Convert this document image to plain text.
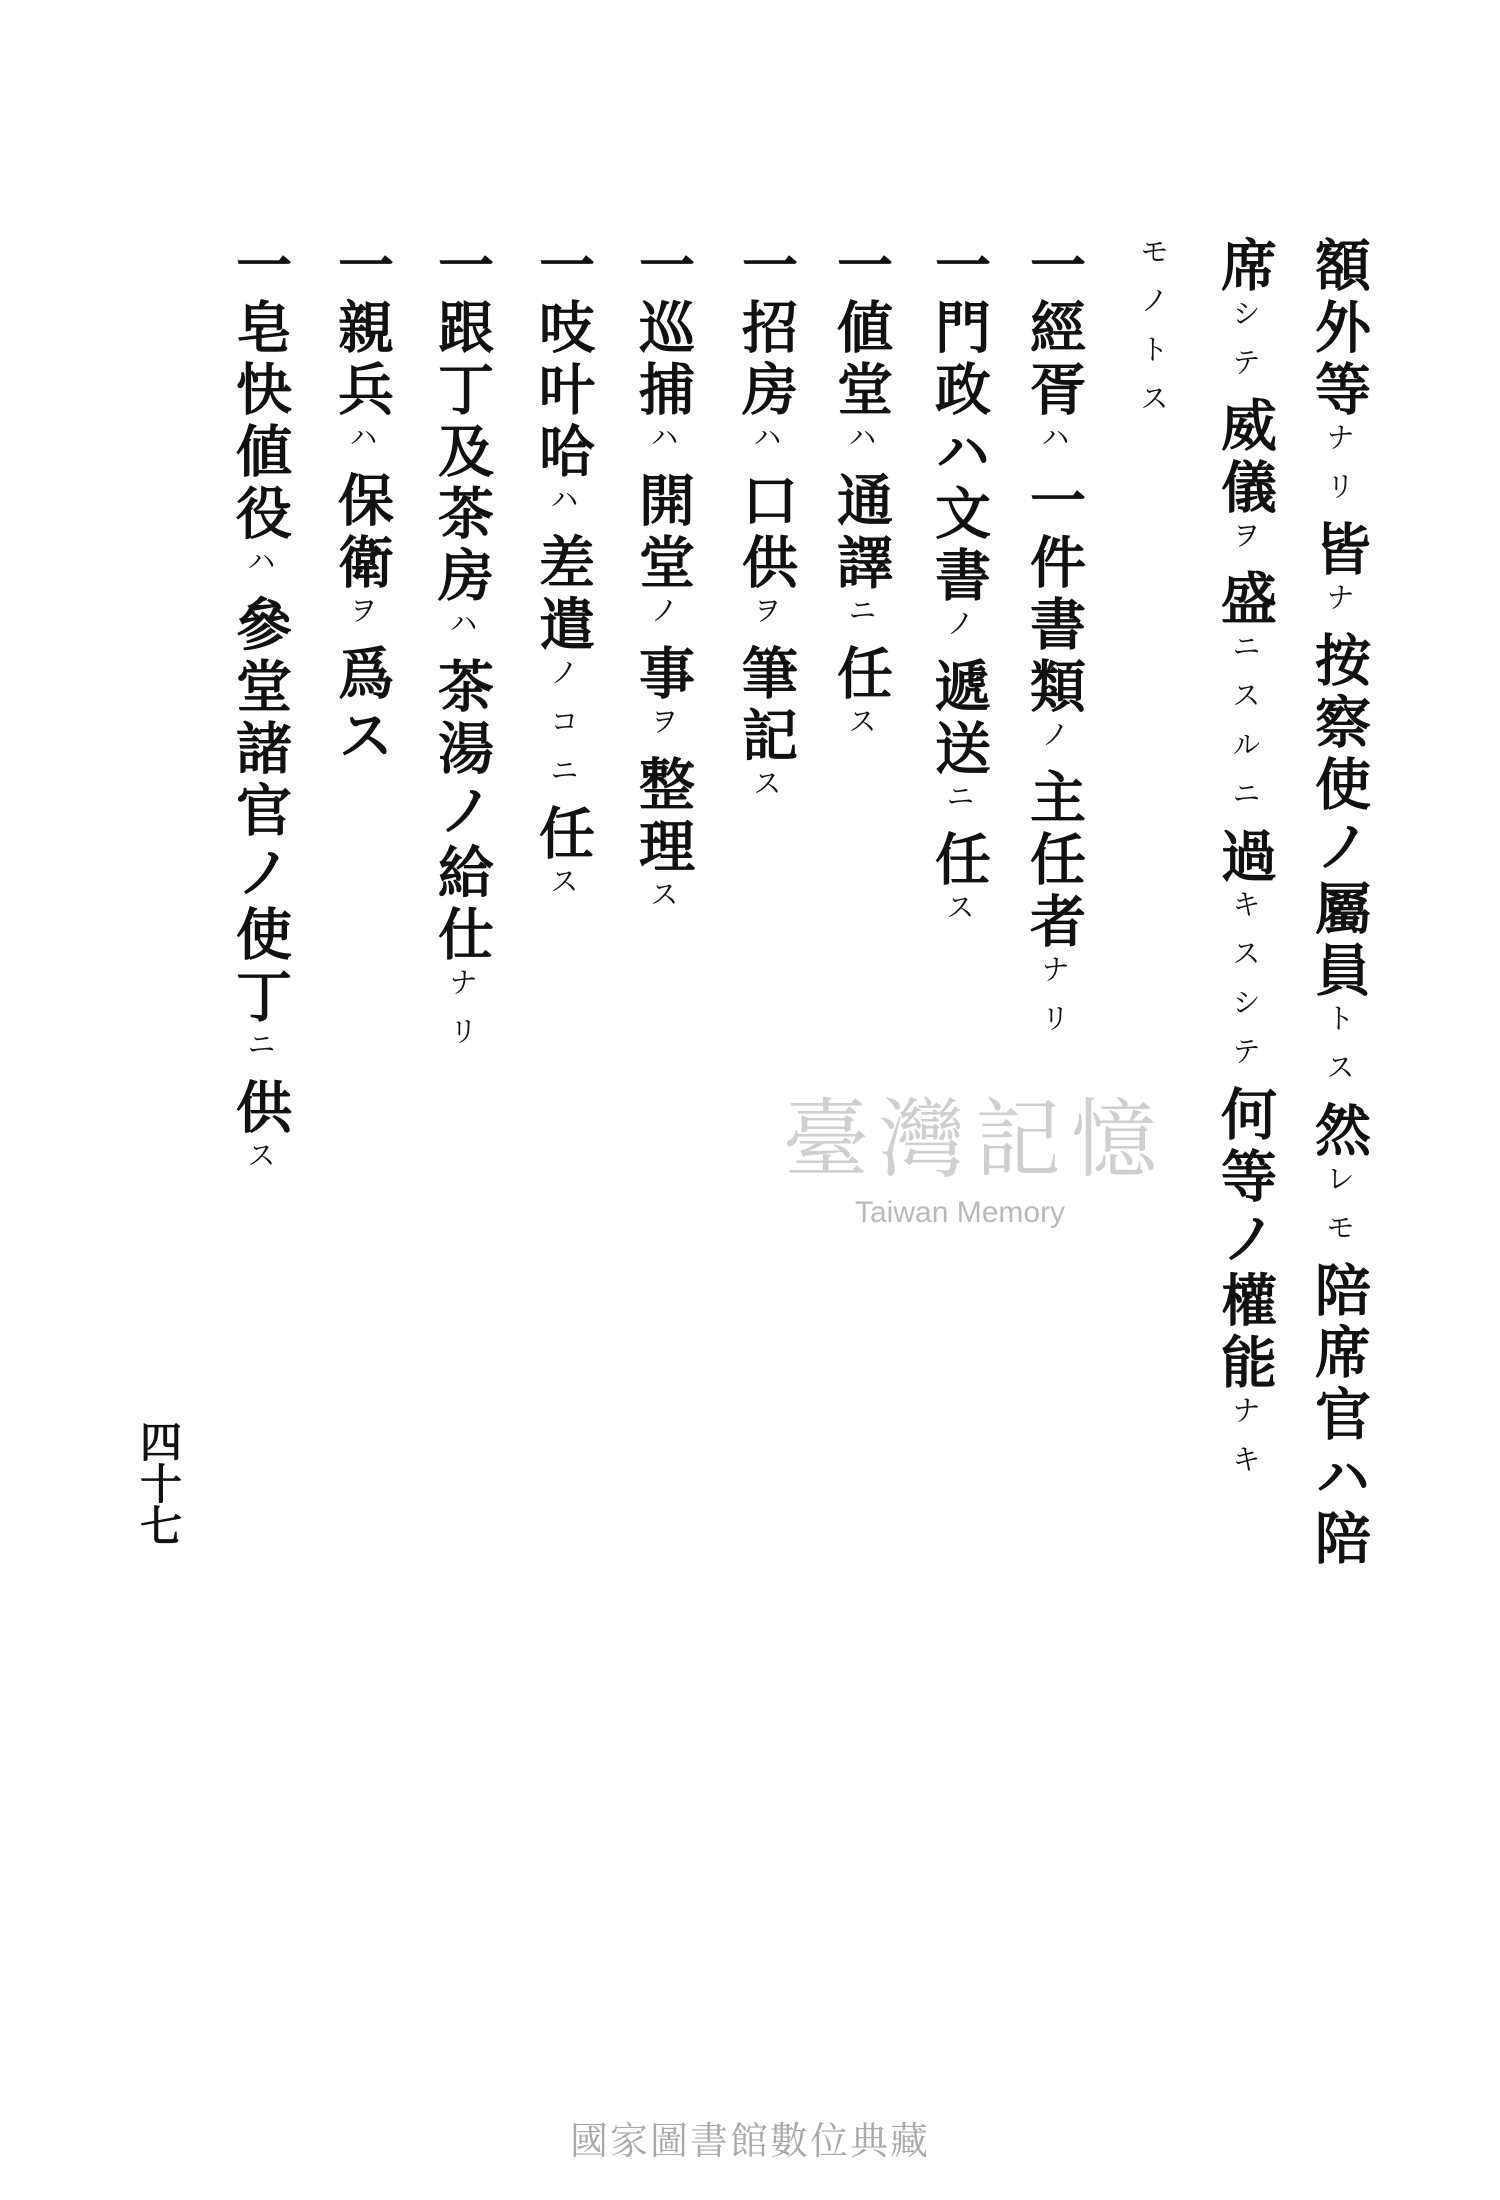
額外等ナリ皆ナ按察使ノ屬員トス然レモ陪席官ハ陪
席シテ威儀ヲ盛ニスルニ過キスシテ何等ノ權能ナキ
モノトス
一經胥ハ一件書類ノ主任者ナリ
一門政ハ文書ノ遞送ニ任ス
一値堂ハ通譯ニ任ス
一招房ハ口供ヲ筆記ス
一巡捕ハ開堂ノ事ヲ整理ス
一吱叶哈ハ差遣ノコニ任ス
一跟丁及茶房ハ茶湯ノ給仕ナリ
一親兵ハ保衛ヲ爲ス
一皂快値役ハ參堂諸官ノ使丁ニ供ス
四十七
臺灣記憶
Taiwan Memory
國家圖書館數位典藏
